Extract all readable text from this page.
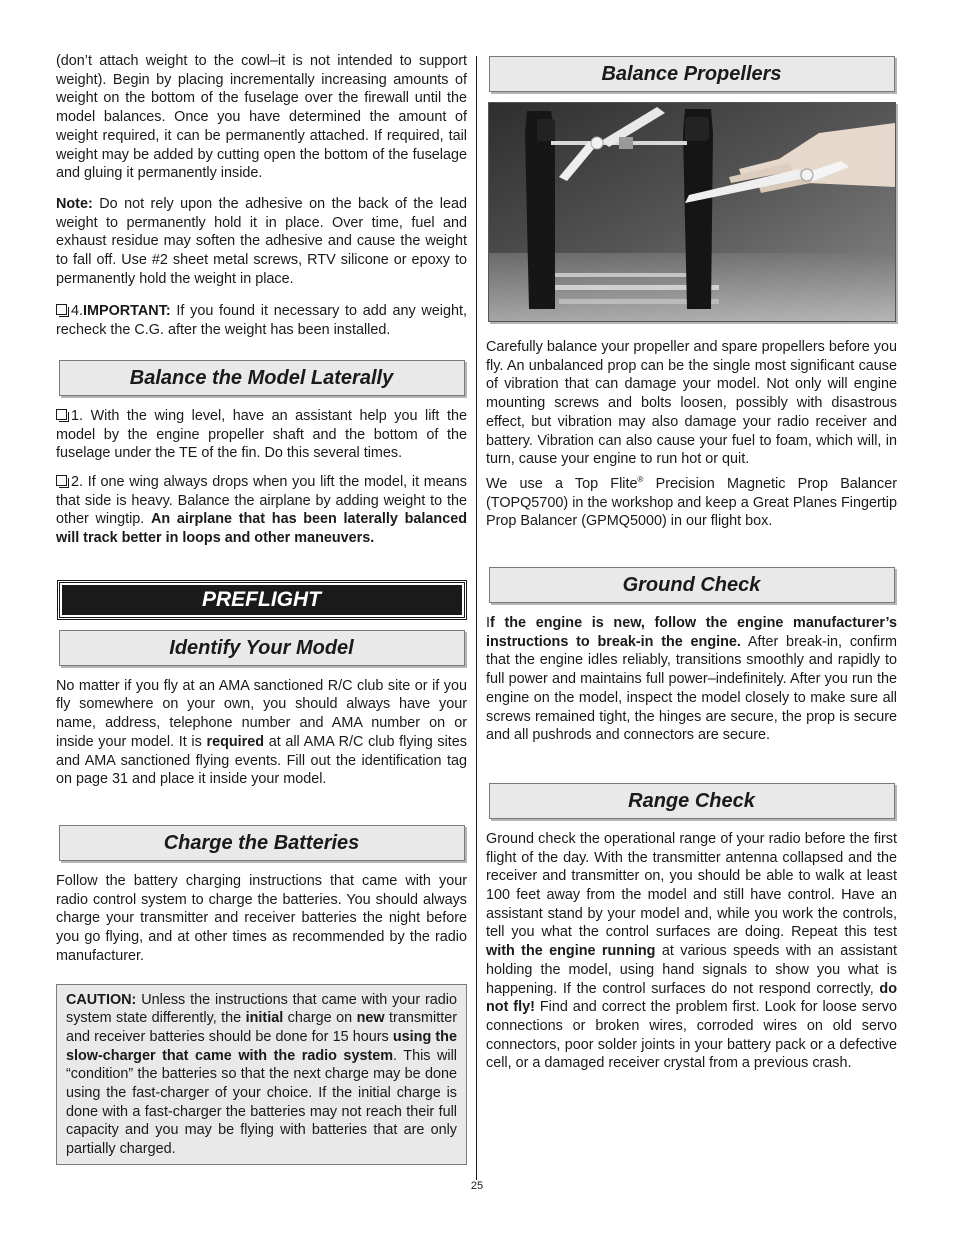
(don’t attach weight to the cowl–it is not intended to support weight). Begin by placing incrementally increasing amounts of weight on the bottom of the fuselage over the firewall until the model balances. Once you have determined the amount of weight required, it can be permanently attached. If required, tail weight may be added by cutting open the bottom of the fuselage and gluing it permanently inside.

Note: Do not rely upon the adhesive on the back of the lead weight to permanently hold it in place. Over time, fuel and exhaust residue may soften the adhesive and cause the weight to fall off. Use #2 sheet metal screws, RTV silicone or epoxy to permanently hold the weight in place.

4.IMPORTANT: If you found it necessary to add any weight, recheck the C.G. after the weight has been installed.

Balance the Model Laterally

1. With the wing level, have an assistant help you lift the model by the engine propeller shaft and the bottom of the fuselage under the TE of the fin. Do this several times.

2. If one wing always drops when you lift the model, it means that side is heavy. Balance the airplane by adding weight to the other wingtip. An airplane that has been laterally balanced will track better in loops and other maneuvers.

PREFLIGHT
Identify Your Model

No matter if you fly at an AMA sanctioned R/C club site or if you fly somewhere on your own, you should always have your name, address, telephone number and AMA number on or inside your model. It is required at all AMA R/C club flying sites and AMA sanctioned flying events. Fill out the identification tag on page 31 and place it inside your model.

Charge the Batteries

Follow the battery charging instructions that came with your radio control system to charge the batteries. You should always charge your transmitter and receiver batteries the night before you go flying, and at other times as recommended by the radio manufacturer.

CAUTION: Unless the instructions that came with your radio system state differently, the initial charge on new transmitter and receiver batteries should be done for 15 hours using the slow-charger that came with the radio system. This will “condition” the batteries so that the next charge may be done using the fast-charger of your choice. If the initial charge is done with a fast-charger the batteries may not reach their full capacity and you may be flying with batteries that are only partially charged.

Balance Propellers

Carefully balance your propeller and spare propellers before you fly. An unbalanced prop can be the single most significant cause of vibration that can damage your model. Not only will engine mounting screws and bolts loosen, possibly with disastrous effect, but vibration may also damage your radio receiver and battery. Vibration can also cause your fuel to foam, which will, in turn, cause your engine to run hot or quit.

We use a Top Flite® Precision Magnetic Prop Balancer (TOPQ5700) in the workshop and keep a Great Planes Fingertip Prop Balancer (GPMQ5000) in our flight box.

Ground Check

If the engine is new, follow the engine manufacturer’s instructions to break-in the engine. After break-in, confirm that the engine idles reliably, transitions smoothly and rapidly to full power and maintains full power–indefinitely. After you run the engine on the model, inspect the model closely to make sure all screws remained tight, the hinges are secure, the prop is secure and all pushrods and connectors are secure.

Range Check

Ground check the operational range of your radio before the first flight of the day. With the transmitter antenna collapsed and the receiver and transmitter on, you should be able to walk at least 100 feet away from the model and still have control. Have an assistant stand by your model and, while you work the controls, tell you what the control surfaces are doing. Repeat this test with the engine running at various speeds with an assistant holding the model, using hand signals to show you what is happening. If the control surfaces do not respond correctly, do not fly! Find and correct the problem first. Look for loose servo connections or broken wires, corroded wires on old servo connectors, poor solder joints in your battery pack or a defective cell, or a damaged receiver crystal from a previous crash.

25
